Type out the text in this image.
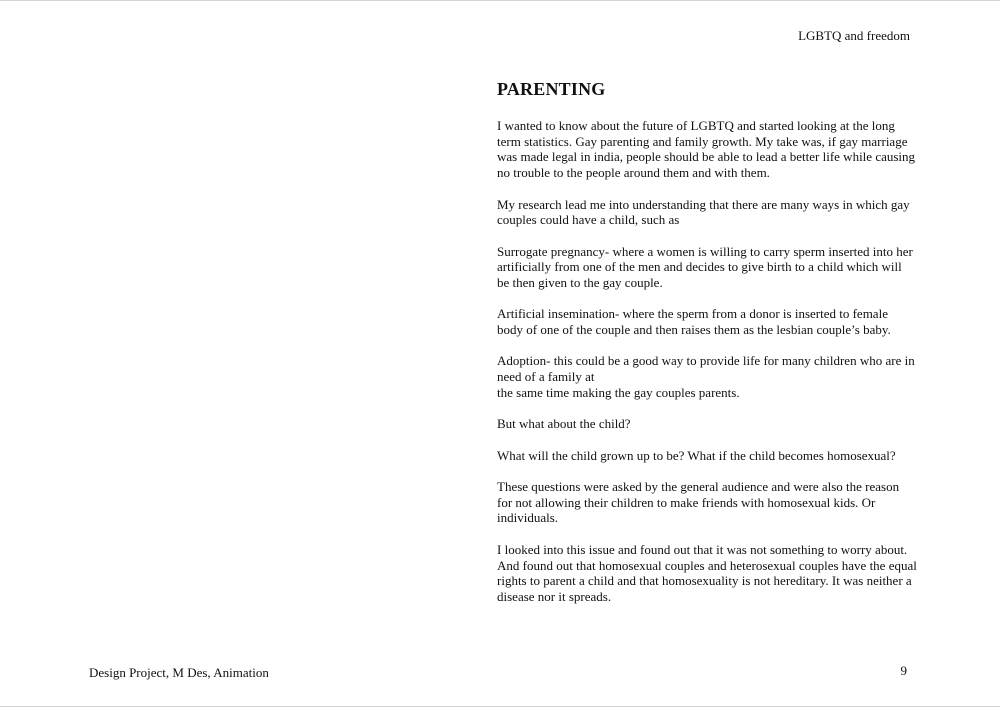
Design Project, M Des, Animation
LGBTQ and freedom
PARENTING

I wanted to know about the future of LGBTQ and started looking at the long term statistics. Gay parenting and family growth. My take was, if gay marriage was made legal in india, people should be able to lead a better life while causing no trouble to the people around them and with them.

My research lead me into understanding that there are many ways in which gay couples could have a child, such as

Surrogate pregnancy- where a women is willing to carry sperm inserted into her artificially from one of the men and decides to give birth to a child which will be then given to the gay couple.

Artificial insemination- where the sperm from a donor is inserted to female body of one of the couple and then raises them as the lesbian couple’s baby.

Adoption- this could be a good way to provide life for many children who are in need of a family at
the same time making the gay couples parents.

But what about the child?

What will the child grown up to be? What if the child becomes homosexual?

These questions were asked by the general audience and were also the reason for not allowing their children to make friends with homosexual kids. Or individuals.

I looked into this issue and found out that it was not something to worry about. And found out that homosexual couples and heterosexual couples have the equal rights to parent a child and that homosexuality is not hereditary. It was neither a disease nor it spreads.

9
